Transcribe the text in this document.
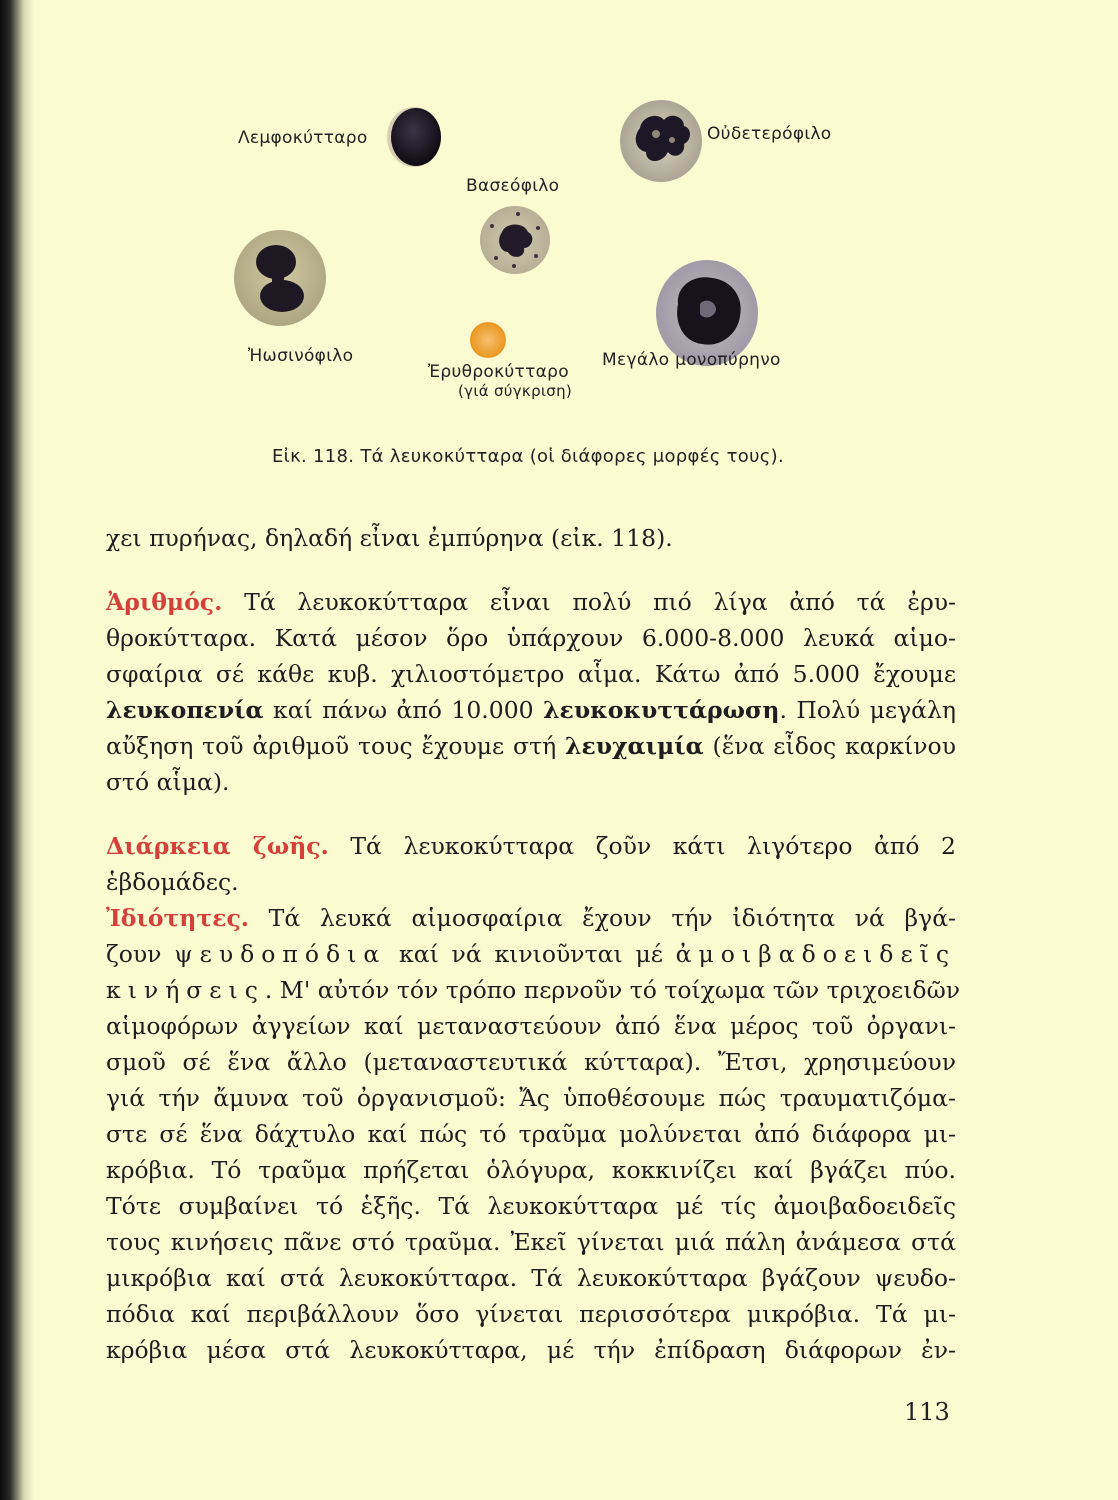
Λεμφοκύτταρο	Οὐδετερόφιλο
Βασεόφιλο
Ἠωσινόφιλο
Ἐρυθροκύτταρο
(γιά σύγκριση)
Μεγάλο μονοπύρηνο
Εἰκ. 118. Τά λευκοκύτταρα (οἱ διάφορες μορφές τους).

χει πυρήνας, δηλαδή εἶναι ἐμπύρηνα (εἰκ. 118).

Ἀριθμός. Τά λευκοκύτταρα εἶναι πολύ πιό λίγα ἀπό τά ἐρυ-
θροκύτταρα. Κατά μέσον ὅρο ὑπάρχουν 6.000-8.000 λευκά αἱμο-
σφαίρια σέ κάθε κυβ. χιλιοστόμετρο αἷμα. Κάτω ἀπό 5.000 ἔχουμε
λευκοπενία καί πάνω ἀπό 10.000 λευκοκυττάρωση. Πολύ μεγάλη
αὔξηση τοῦ ἀριθμοῦ τους ἔχουμε στή λευχαιμία (ἕνα εἶδος καρκίνου
στό αἷμα).

Διάρκεια ζωῆς. Τά λευκοκύτταρα ζοῦν κάτι λιγότερο ἀπό 2
ἑβδομάδες.

Ἰδιότητες. Τά λευκά αἱμοσφαίρια ἔχουν τήν ἰδιότητα νά βγά-
ζουν ψευδοπόδια καί νά κινιοῦνται μέ ἀμοιβαδοειδεῖς
κινήσεις. Μ' αὐτόν τόν τρόπο περνοῦν τό τοίχωμα τῶν τριχοειδῶν
αἱμοφόρων ἀγγείων καί μεταναστεύουν ἀπό ἕνα μέρος τοῦ ὀργανι-
σμοῦ σέ ἕνα ἄλλο (μεταναστευτικά κύτταρα). Ἔτσι, χρησιμεύουν
γιά τήν ἄμυνα τοῦ ὀργανισμοῦ: Ἄς ὑποθέσουμε πώς τραυματιζόμα-
στε σέ ἕνα δάχτυλο καί πώς τό τραῦμα μολύνεται ἀπό διάφορα μι-
κρόβια. Τό τραῦμα πρήζεται ὁλόγυρα, κοκκινίζει καί βγάζει πύο.
Τότε συμβαίνει τό ἑξῆς. Τά λευκοκύτταρα μέ τίς ἀμοιβαδοειδεῖς
τους κινήσεις πᾶνε στό τραῦμα. Ἐκεῖ γίνεται μιά πάλη ἀνάμεσα στά
μικρόβια καί στά λευκοκύτταρα. Τά λευκοκύτταρα βγάζουν ψευδο-
πόδια καί περιβάλλουν ὅσο γίνεται περισσότερα μικρόβια. Τά μι-
κρόβια μέσα στά λευκοκύτταρα, μέ τήν ἐπίδραση διάφορων ἐν-

113
